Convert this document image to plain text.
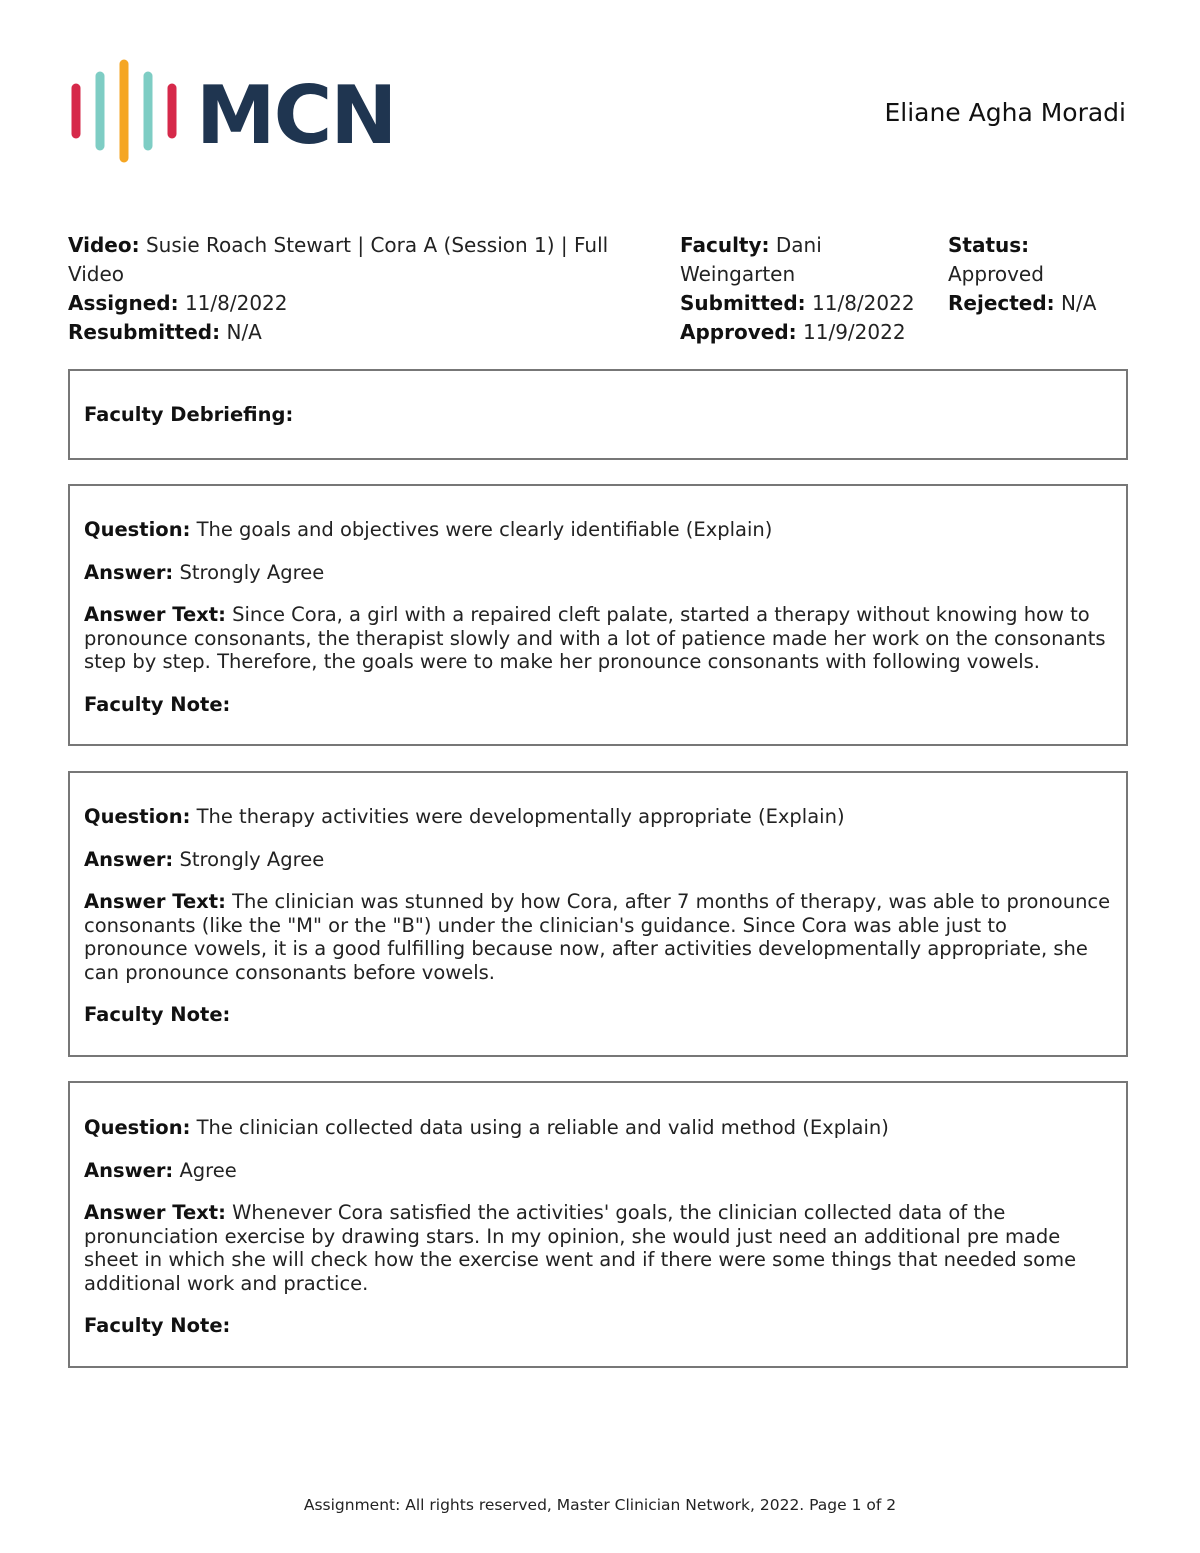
MCN	Eliane Agha Moradi
Video: Susie Roach Stewart | Cora A (Session 1) | Full Video
Assigned: 11/8/2022
Resubmitted: N/A
Faculty: Dani Weingarten
Submitted: 11/8/2022
Approved: 11/9/2022
Status:
Approved
Rejected: N/A
Faculty Debriefing:

Question: The goals and objectives were clearly identifiable (Explain)

Answer: Strongly Agree

Answer Text: Since Cora, a girl with a repaired cleft palate, started a therapy without knowing how to pronounce consonants, the therapist slowly and with a lot of patience made her work on the consonants step by step. Therefore, the goals were to make her pronounce consonants with following vowels.

Faculty Note:

Question: The therapy activities were developmentally appropriate (Explain)

Answer: Strongly Agree

Answer Text: The clinician was stunned by how Cora, after 7 months of therapy, was able to pronounce consonants (like the "M" or the "B") under the clinician's guidance. Since Cora was able just to pronounce vowels, it is a good fulfilling because now, after activities developmentally appropriate, she can pronounce consonants before vowels.

Faculty Note:

Question: The clinician collected data using a reliable and valid method (Explain)

Answer: Agree

Answer Text: Whenever Cora satisfied the activities' goals, the clinician collected data of the pronunciation exercise by drawing stars. In my opinion, she would just need an additional pre made sheet in which she will check how the exercise went and if there were some things that needed some additional work and practice.

Faculty Note:

Assignment: All rights reserved, Master Clinician Network, 2022. Page 1 of 2
